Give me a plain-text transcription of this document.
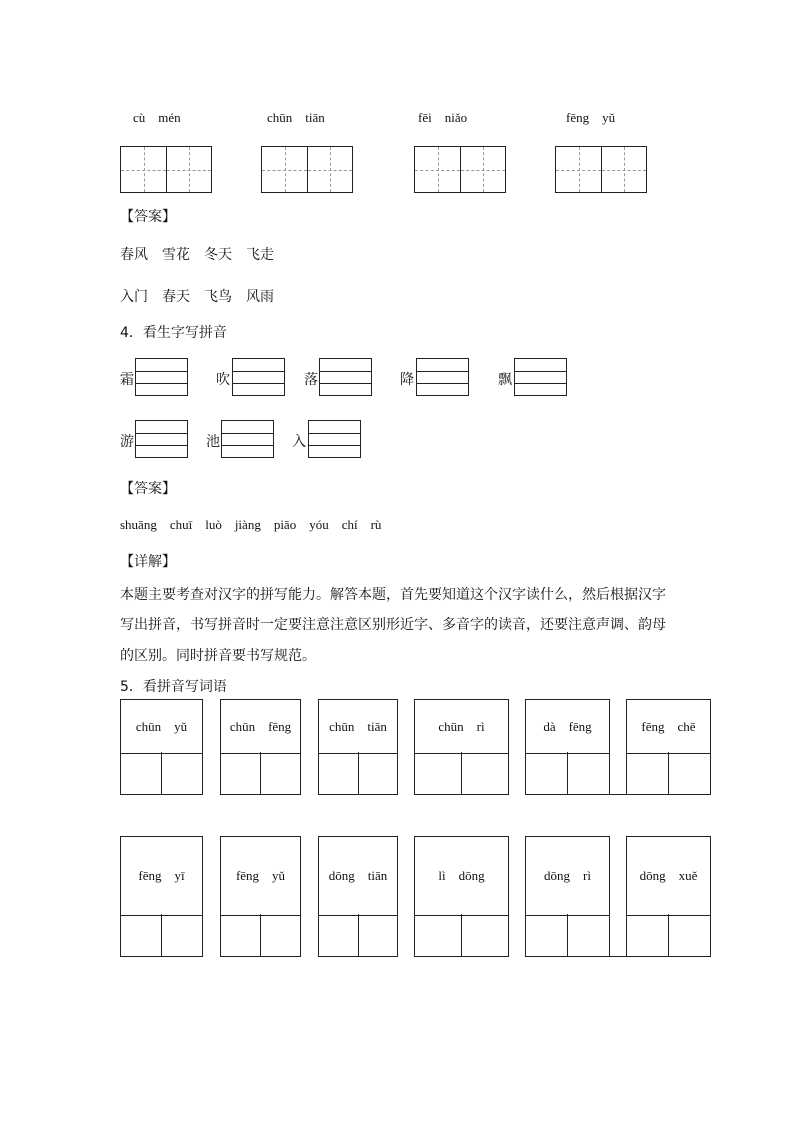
cù mén	chūn tiān	fēi niǎo	fēng yǔ
【答案】
春风　雪花　冬天　飞走
入门　春天　飞鸟　风雨
4．看生字写拼音
霜	吹	落	降	飘
游	池	入
【答案】
shuāng　chuī　luò　jiàng　piāo　yóu　chí　rù
【详解】
本题主要考查对汉字的拼写能力。解答本题，首先要知道这个汉字读什么，然后根据汉字
写出拼音，书写拼音时一定要注意注意区别形近字、多音字的读音，还要注意声调、韵母
的区别。同时拼音要书写规范。
5．看拼音写词语
chūn yǔ	chūn fēng	chūn tiān	chūn rì	dà fēng	fēng chē
fēng yī	fēng yǔ	dōng tiān	lì dōng	dōng rì	dōng xuě
